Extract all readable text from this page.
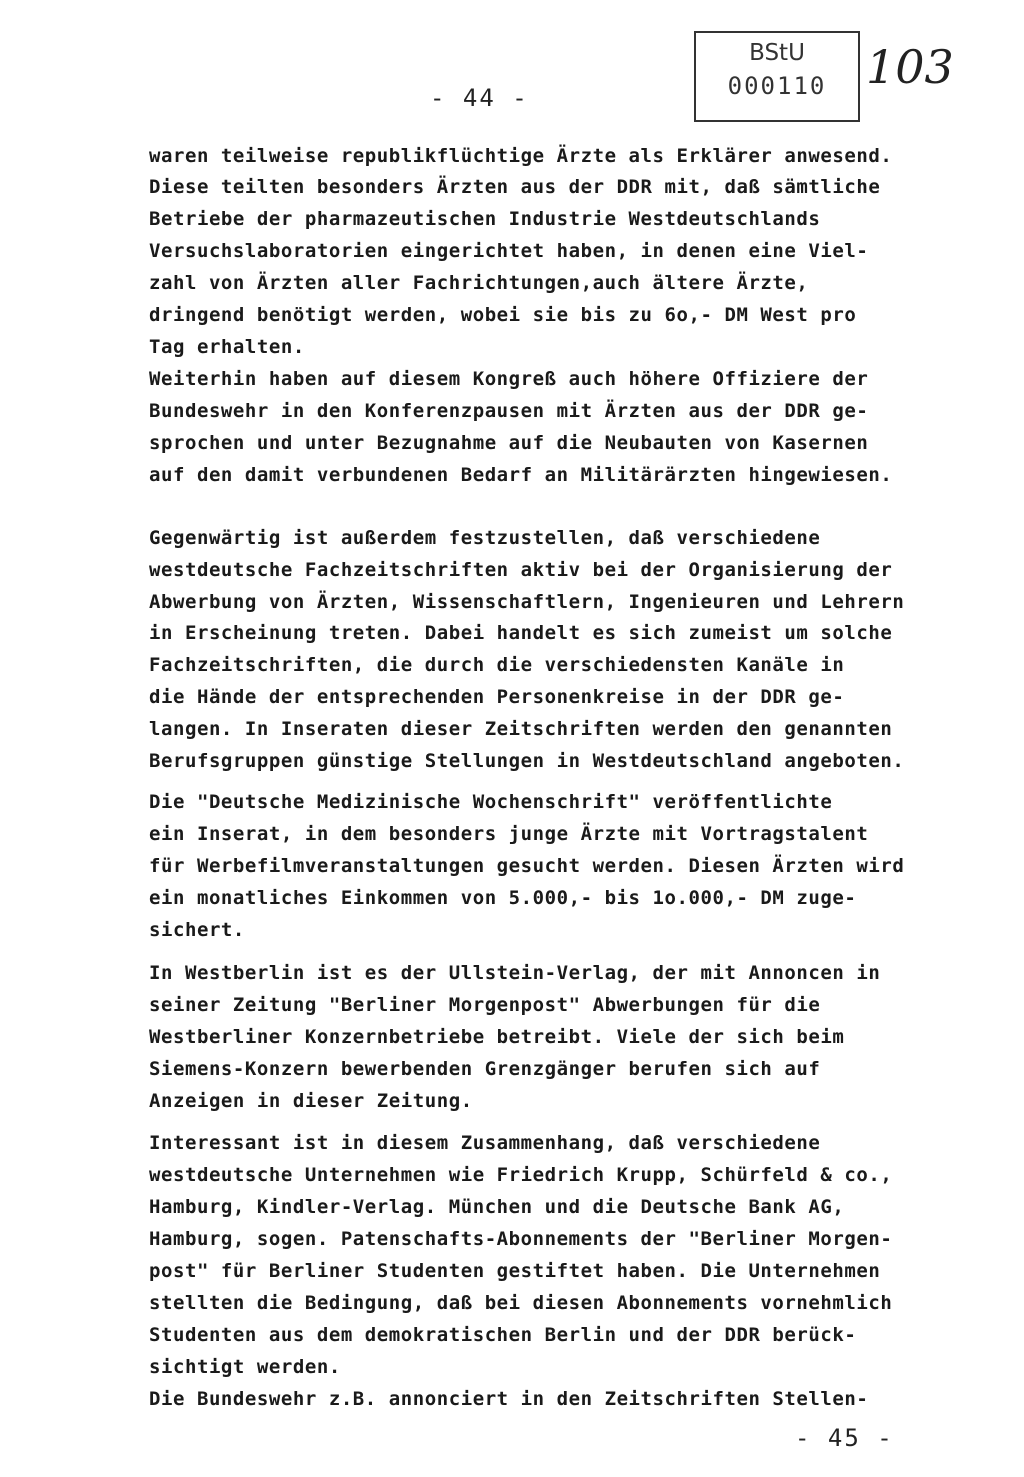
- 44 -
BStU
000110 103
waren teilweise republikflüchtige Ärzte als Erklärer anwesend.
Diese teilten besonders Ärzten aus der DDR mit, daß sämtliche
Betriebe der pharmazeutischen Industrie Westdeutschlands
Versuchslaboratorien eingerichtet haben, in denen eine Viel-
zahl von Ärzten aller Fachrichtungen,auch ältere Ärzte,
dringend benötigt werden, wobei sie bis zu 6o,- DM West pro
Tag erhalten.
Weiterhin haben auf diesem Kongreß auch höhere Offiziere der
Bundeswehr in den Konferenzpausen mit Ärzten aus der DDR ge-
sprochen und unter Bezugnahme auf die Neubauten von Kasernen
auf den damit verbundenen Bedarf an Militärärzten hingewiesen.
Gegenwärtig ist außerdem festzustellen, daß verschiedene
westdeutsche Fachzeitschriften aktiv bei der Organisierung der
Abwerbung von Ärzten, Wissenschaftlern, Ingenieuren und Lehrern
in Erscheinung treten. Dabei handelt es sich zumeist um solche
Fachzeitschriften, die durch die verschiedensten Kanäle in
die Hände der entsprechenden Personenkreise in der DDR ge-
langen. In Inseraten dieser Zeitschriften werden den genannten
Berufsgruppen günstige Stellungen in Westdeutschland angeboten.
Die "Deutsche Medizinische Wochenschrift" veröffentlichte
ein Inserat, in dem besonders junge Ärzte mit Vortragstalent
für Werbefilmveranstaltungen gesucht werden. Diesen Ärzten wird
ein monatliches Einkommen von 5.000,- bis 1o.000,- DM zuge-
sichert.
In Westberlin ist es der Ullstein-Verlag, der mit Annoncen in
seiner Zeitung "Berliner Morgenpost" Abwerbungen für die
Westberliner Konzernbetriebe betreibt. Viele der sich beim
Siemens-Konzern bewerbenden Grenzgänger berufen sich auf
Anzeigen in dieser Zeitung.
Interessant ist in diesem Zusammenhang, daß verschiedene
westdeutsche Unternehmen wie Friedrich Krupp, Schürfeld & co.,
Hamburg, Kindler-Verlag. München und die Deutsche Bank AG,
Hamburg, sogen. Patenschafts-Abonnements der "Berliner Morgen-
post" für Berliner Studenten gestiftet haben. Die Unternehmen
stellten die Bedingung, daß bei diesen Abonnements vornehmlich
Studenten aus dem demokratischen Berlin und der DDR berück-
sichtigt werden.
Die Bundeswehr z.B. annonciert in den Zeitschriften Stellen-
- 45 -
